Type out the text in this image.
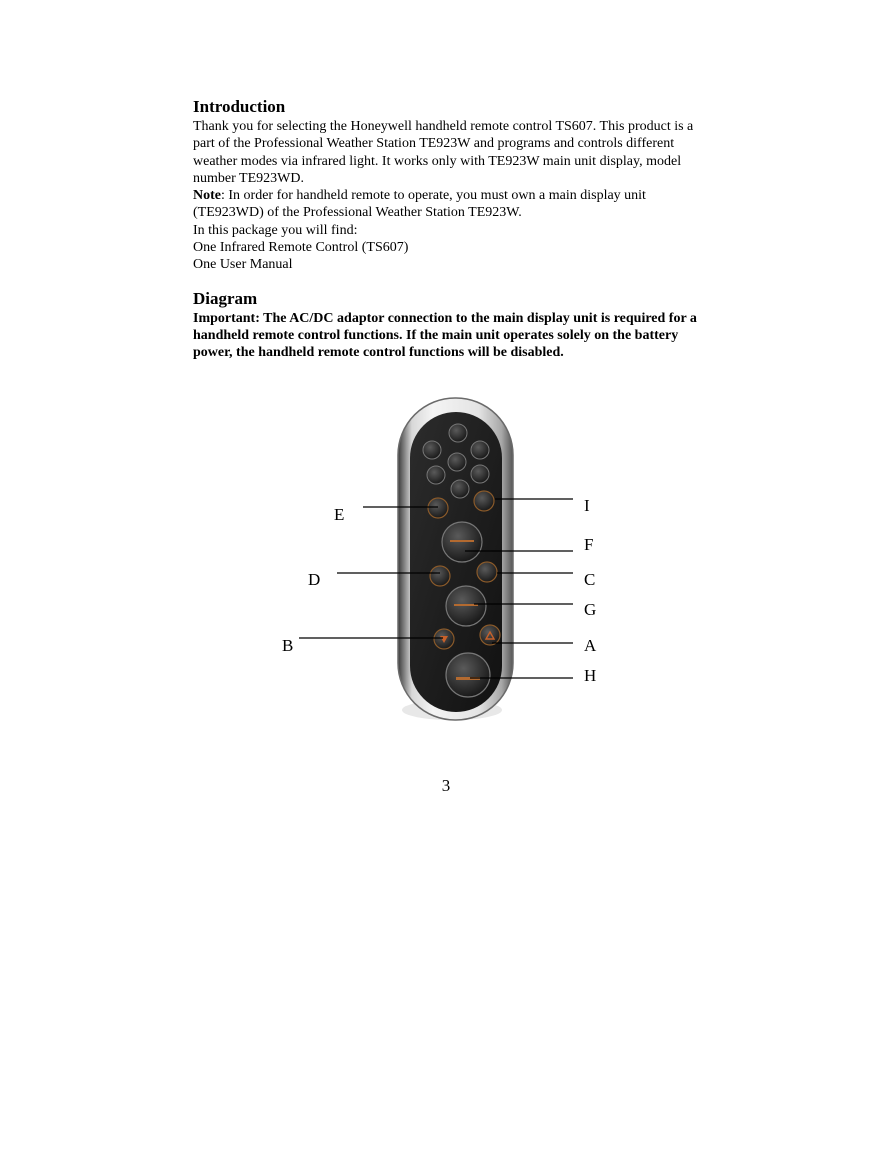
Introduction

Thank you for selecting the Honeywell handheld remote control TS607. This product is a
part of the Professional Weather Station TE923W and programs and controls different
weather modes via infrared light. It works only with TE923W main unit display, model
number TE923WD.
Note: In order for handheld remote to operate, you must own a main display unit
(TE923WD) of the Professional Weather Station TE923W.
In this package you will find:
One Infrared Remote Control (TS607)
One User Manual

Diagram

Important: The AC/DC adaptor connection to the main display unit is required for a
handheld remote control functions. If the main unit operates solely on the battery
power, the handheld remote control functions will be disabled.

E	I
F
D	C
G
B	A
H
3
